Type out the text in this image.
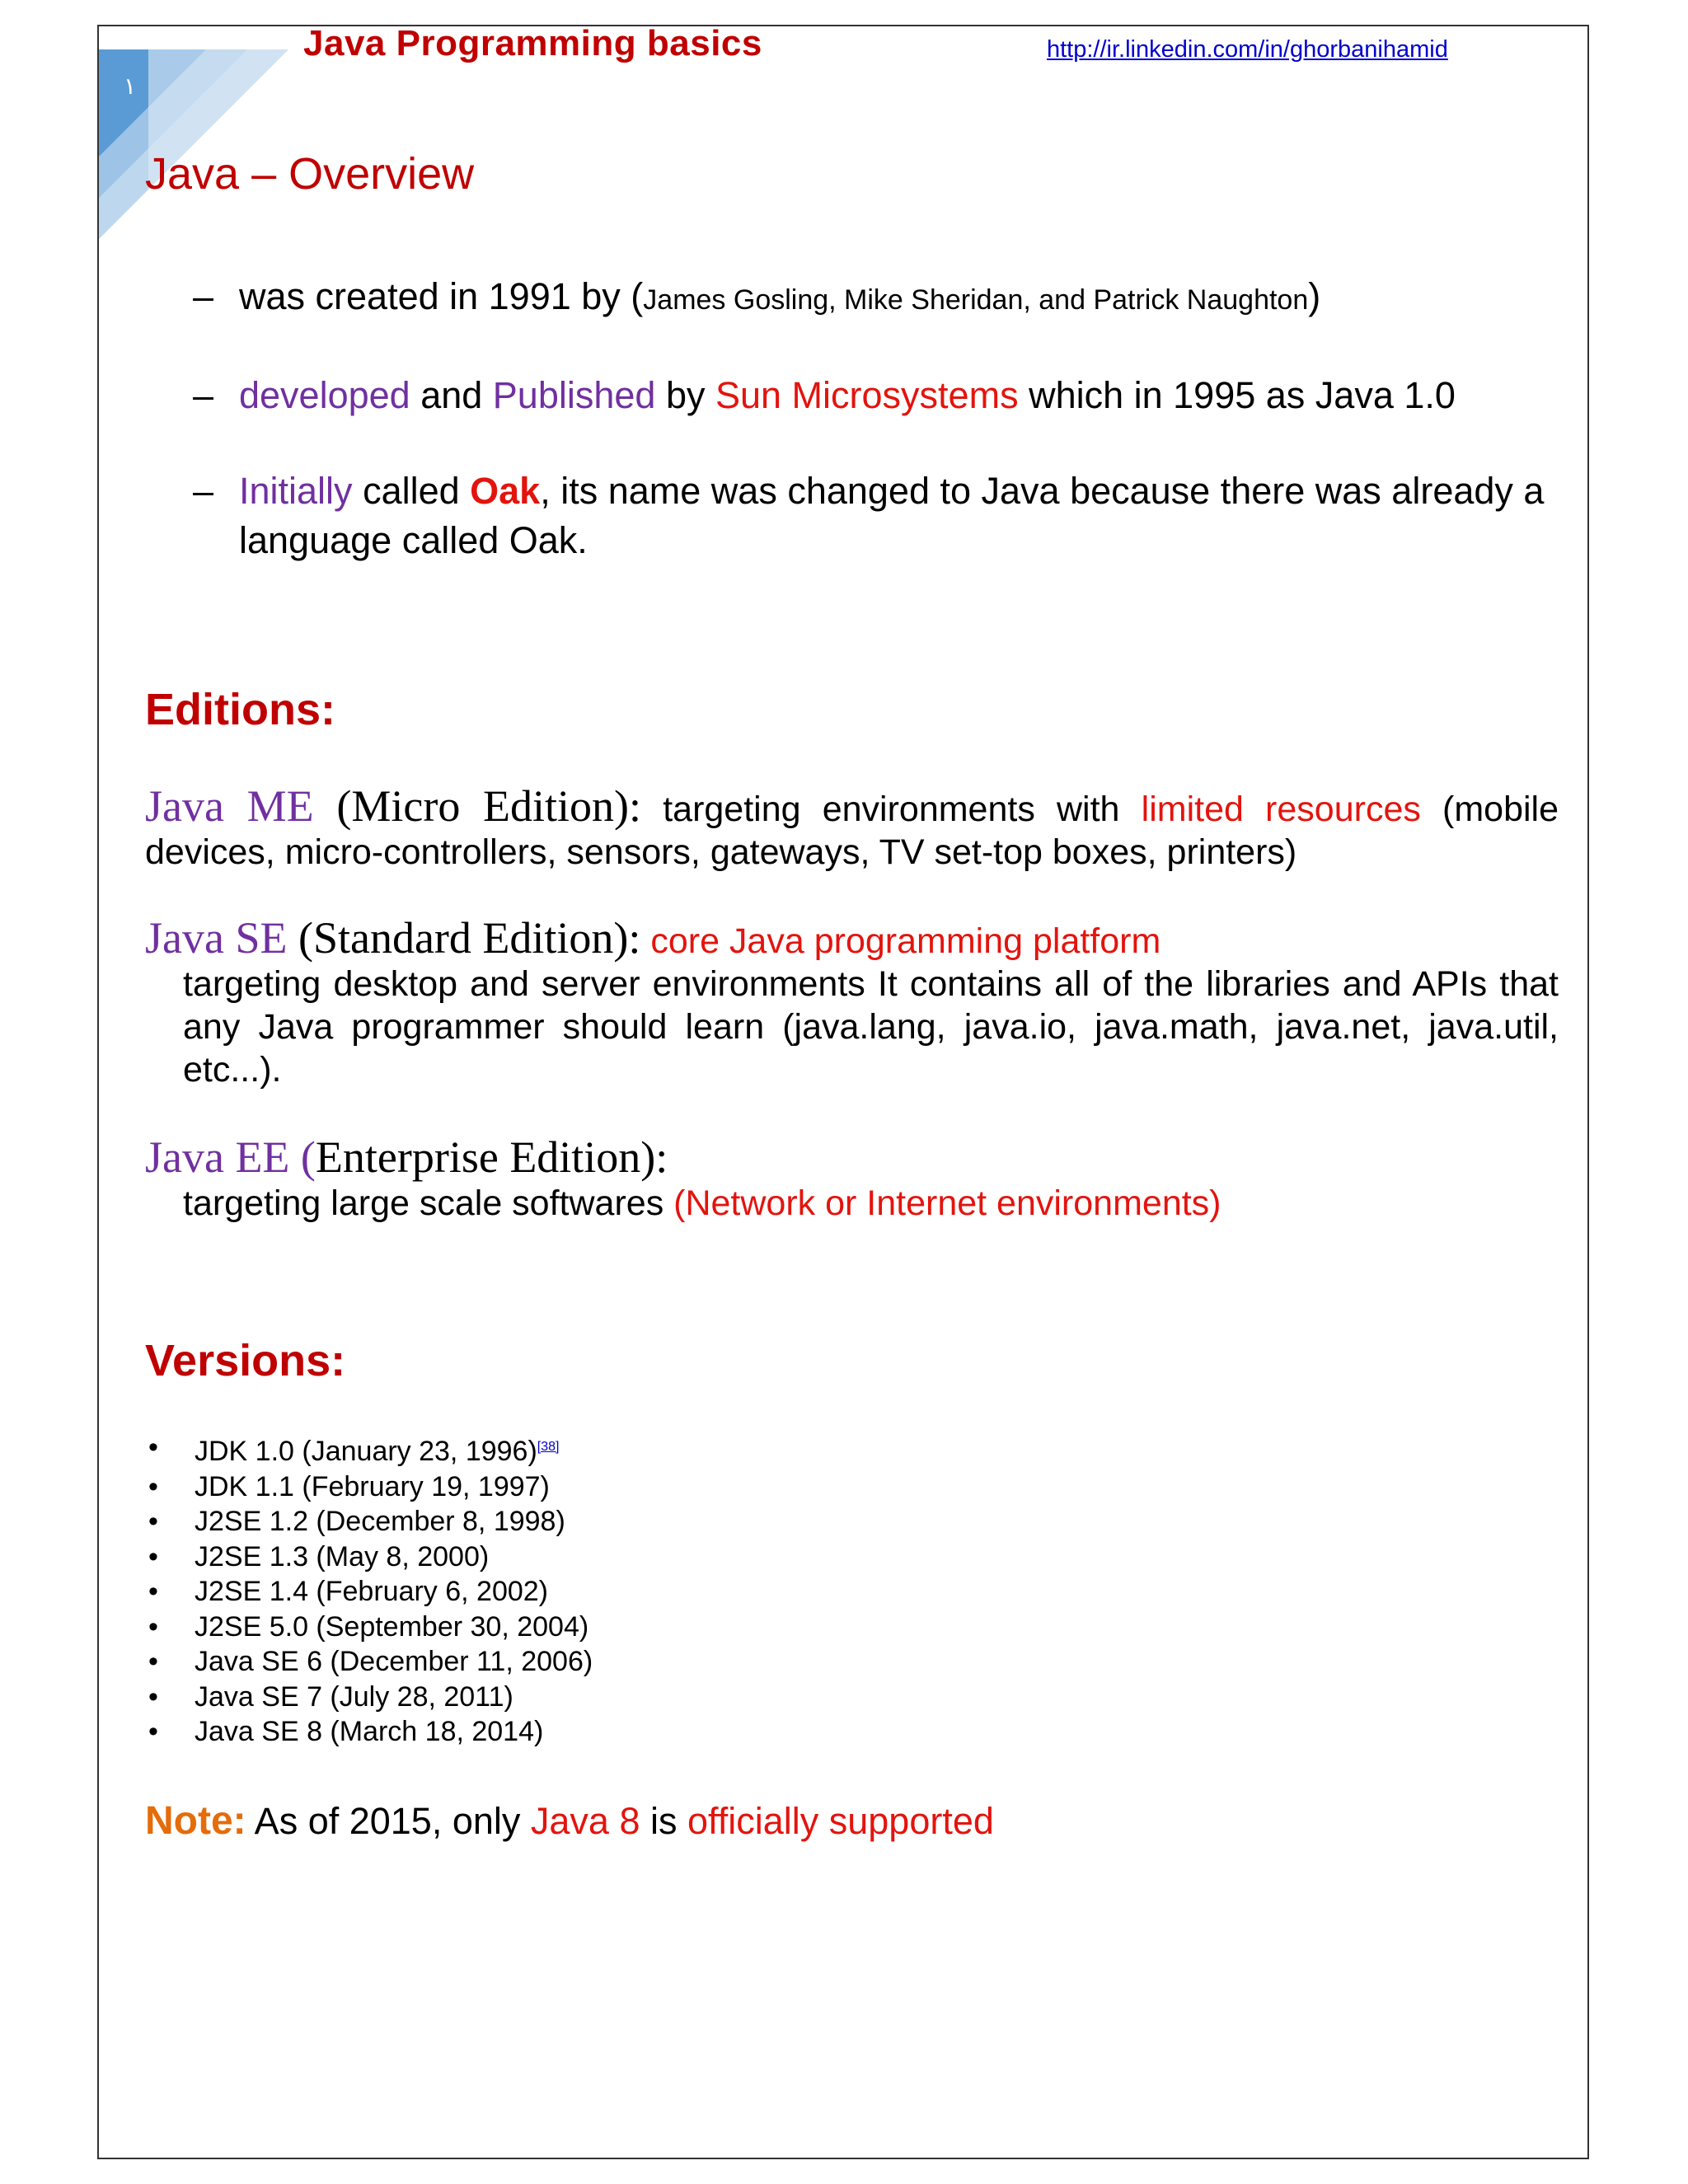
١
Java Programming basics	http://ir.linkedin.com/in/ghorbanihamid
Java – Overview
– was created in 1991 by (James Gosling, Mike Sheridan, and Patrick Naughton)
– developed and Published by Sun Microsystems which in 1995 as Java 1.0
– Initially called Oak, its name was changed to Java because there was already a language called Oak.
Editions:
Java ME (Micro Edition): targeting environments with limited resources (mobile devices, micro-controllers, sensors, gateways, TV set-top boxes, printers)
Java SE (Standard Edition): core Java programming platform
targeting desktop and server environments It contains all of the libraries and APIs that any Java programmer should learn (java.lang, java.io, java.math, java.net, java.util, etc...).
Java EE (Enterprise Edition):
targeting large scale softwares (Network or Internet environments)
Versions:
• JDK 1.0 (January 23, 1996)[38]
• JDK 1.1 (February 19, 1997)
• J2SE 1.2 (December 8, 1998)
• J2SE 1.3 (May 8, 2000)
• J2SE 1.4 (February 6, 2002)
• J2SE 5.0 (September 30, 2004)
• Java SE 6 (December 11, 2006)
• Java SE 7 (July 28, 2011)
• Java SE 8 (March 18, 2014)
Note: As of 2015, only Java 8 is officially supported
